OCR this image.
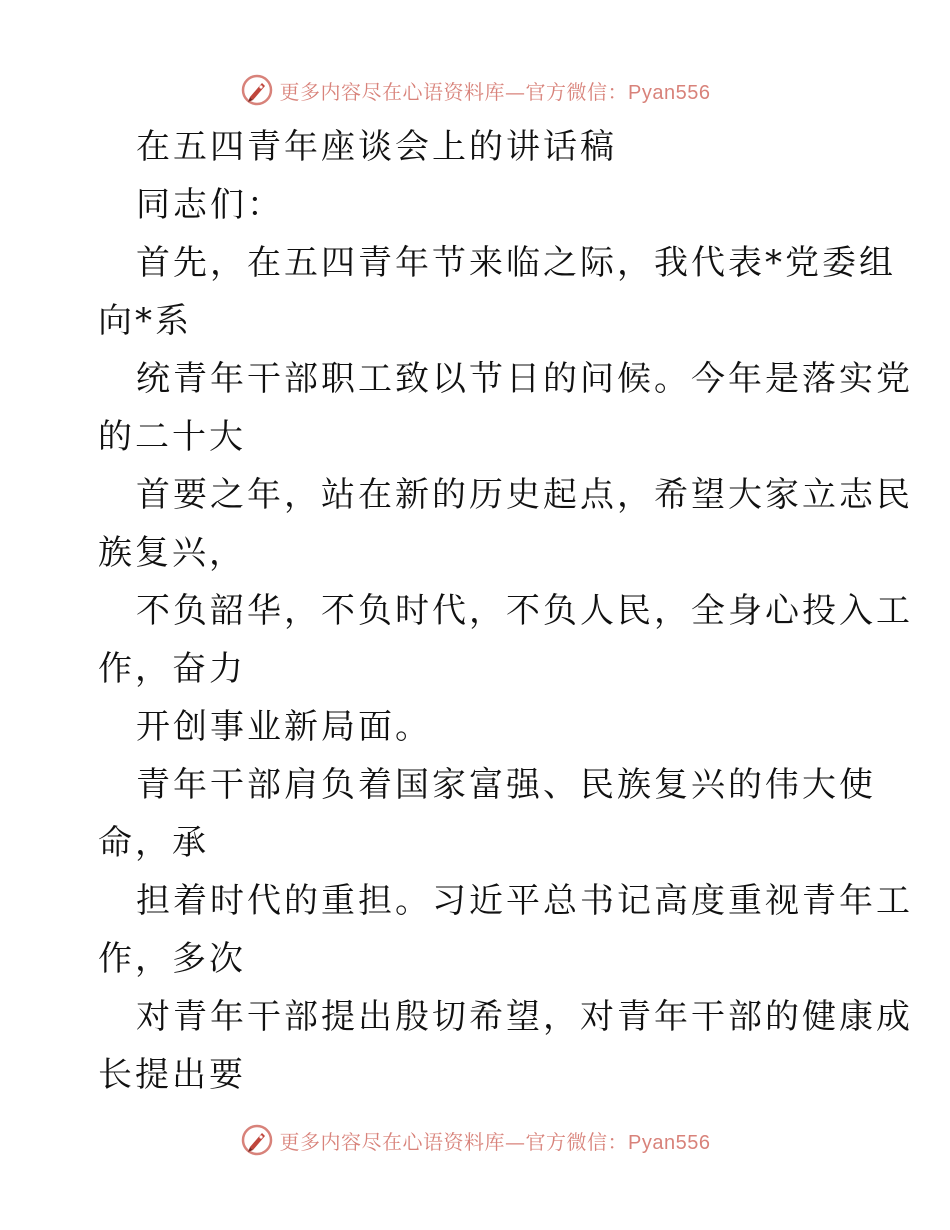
更多内容尽在心语资料库—官方微信：Pyan556
在五四青年座谈会上的讲话稿
同志们：
首先，在五四青年节来临之际，我代表*党委组
向*系
统青年干部职工致以节日的问候。今年是落实党
的二十大
首要之年，站在新的历史起点，希望大家立志民
族复兴，
不负韶华，不负时代，不负人民，全身心投入工
作，奋力
开创事业新局面。
青年干部肩负着国家富强、民族复兴的伟大使
命，承
担着时代的重担。习近平总书记高度重视青年工
作，多次
对青年干部提出殷切希望，对青年干部的健康成
长提出要
更多内容尽在心语资料库—官方微信：Pyan556
